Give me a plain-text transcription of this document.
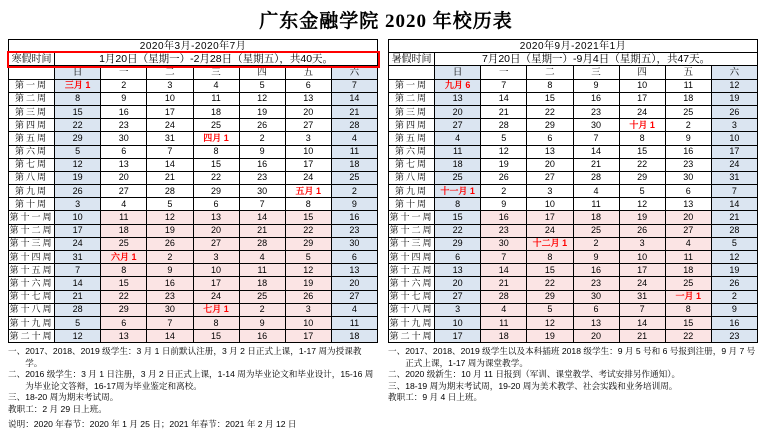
广东金融学院 2020 年校历表
2020年3月-2020年7月							
寒假时间	1月20日（星期一）-2月28日（星期五），共40天。						
	日	一	二	三	四	五	六
第一周	三月 1	2	3	4	5	6	7
第二周	8	9	10	11	12	13	14
第三周	15	16	17	18	19	20	21
第四周	22	23	24	25	26	27	28
第五周	29	30	31	四月 1	2	3	4
第六周	5	6	7	8	9	10	11
第七周	12	13	14	15	16	17	18
第八周	19	20	21	22	23	24	25
第九周	26	27	28	29	30	五月 1	2
第十周	3	4	5	6	7	8	9
第十一周	10	11	12	13	14	15	16
第十二周	17	18	19	20	21	22	23
第十三周	24	25	26	27	28	29	30
第十四周	31	六月 1	2	3	4	5	6
第十五周	7	8	9	10	11	12	13
第十六周	14	15	16	17	18	19	20
第十七周	21	22	23	24	25	26	27
第十八周	28	29	30	七月 1	2	3	4
第十九周	5	6	7	8	9	10	11
第二十周	12	13	14	15	16	17	18
一、 2017、2018、2019 级学生：3 月 1 日前默认注册，3 月 2 日正式上课，1-17 周为授课教学。
二、 2016 级学生：3 月 1 日注册，3 月 2 日正式上课，1-14 周为毕业论文和毕业设计，15-16 周为毕业论文答辩，16-17周为毕业鉴定和离校。
三、 18-20 周为期末考试周。
教职工： 2 月 29 日上班。
2020年9月-2021年1月							
暑假时间	7月20日（星期一）-9月4日（星期五），共47天。						
	日	一	二	三	四	五	六
第一周	九月 6	7	8	9	10	11	12
第二周	13	14	15	16	17	18	19
第三周	20	21	22	23	24	25	26
第四周	27	28	29	30	十月 1	2	3
第五周	4	5	6	7	8	9	10
第六周	11	12	13	14	15	16	17
第七周	18	19	20	21	22	23	24
第八周	25	26	27	28	29	30	31
第九周	十一月 1	2	3	4	5	6	7
第十周	8	9	10	11	12	13	14
第十一周	15	16	17	18	19	20	21
第十二周	22	23	24	25	26	27	28
第十三周	29	30	十二月 1	2	3	4	5
第十四周	6	7	8	9	10	11	12
第十五周	13	14	15	16	17	18	19
第十六周	20	21	22	23	24	25	26
第十七周	27	28	29	30	31	一月 1	2
第十八周	3	4	5	6	7	8	9
第十九周	10	11	12	13	14	15	16
第二十周	17	18	19	20	21	22	23
一、 2017、2018、2019 级学生以及本科插班 2018 级学生：9 月 5 号和 6 号报到注册，9 月 7 号正式上课，1-17 周为课堂教学。
二、 2020 级新生：10 月 11 日报到（军训、课堂教学、考试安排另作通知）。
三、 18-19 周为期末考试周，19-20 周为美术教学、社会实践和业务培训周。
教职工： 9 月 4 日上班。
说明：2020 年春节：2020 年 1 月 25 日；2021 年春节：2021 年 2 月 12 日
